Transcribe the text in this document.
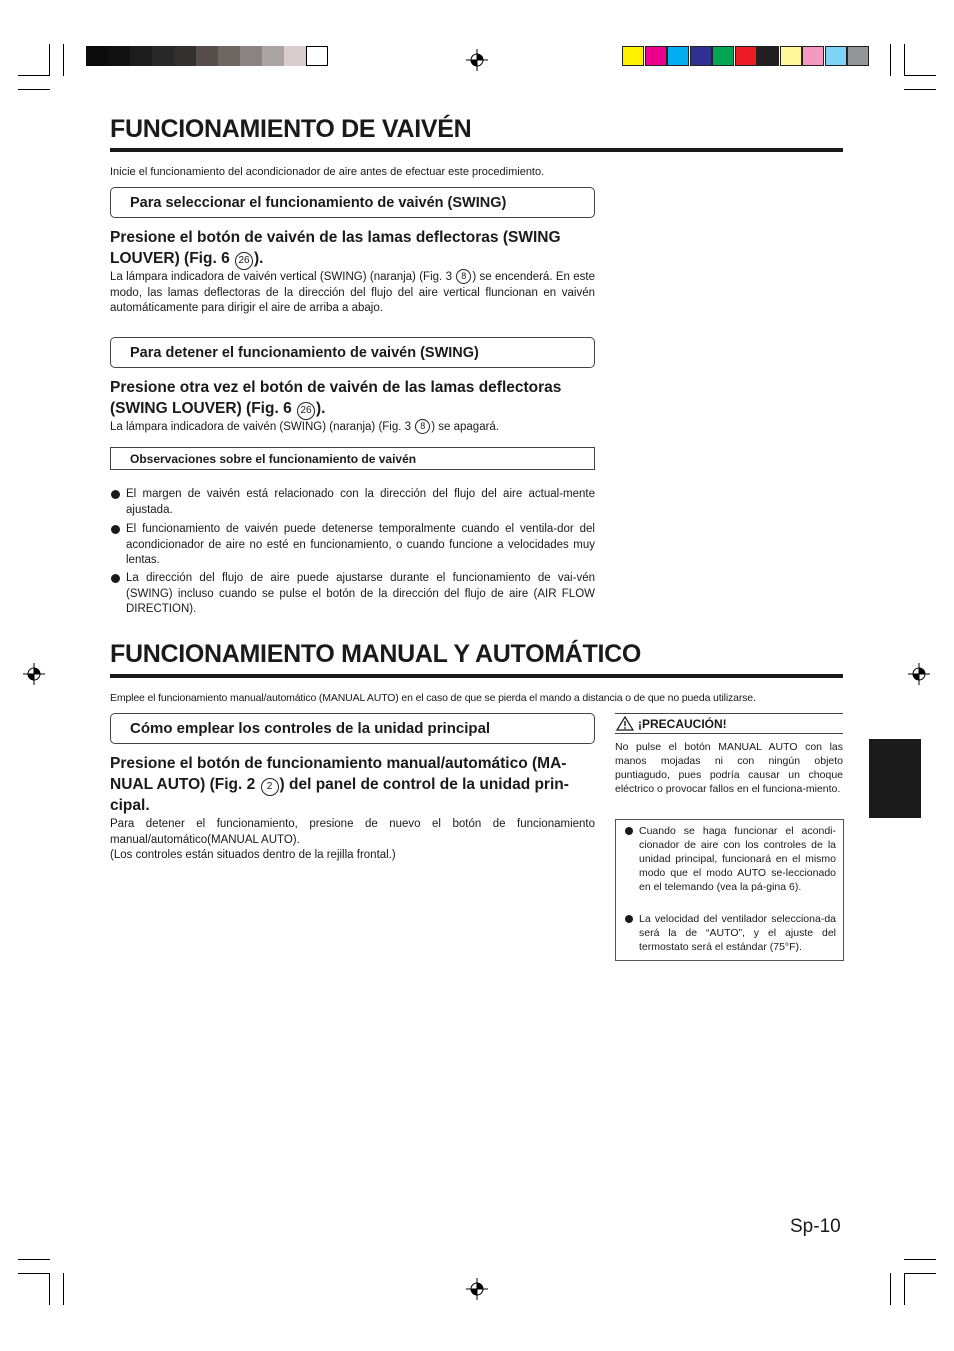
FUNCIONAMIENTO DE VAIVÉN
Inicie el funcionamiento del acondicionador de aire antes de efectuar este procedimiento.
Para seleccionar el funcionamiento de vaivén (SWING)
Presione el botón de vaivén de las lamas deflectoras (SWING
LOUVER) (Fig. 6 26 ).
La lámpara indicadora de vaivén vertical (SWING) (naranja) (Fig. 3 8 ) se encenderá. En este modo, las lamas deflectoras de la dirección del flujo del aire vertical fluncionan en vaivén automáticamente para dirigir el aire de arriba a abajo.
Para detener el funcionamiento de vaivén (SWING)
Presione otra vez el botón de vaivén de las lamas deflectoras
(SWING LOUVER) (Fig. 6 26 ).
La lámpara indicadora de vaivén (SWING) (naranja) (Fig. 3 8 ) se apagará.
Observaciones sobre el funcionamiento de vaivén
El margen de vaivén está relacionado con la dirección del flujo del aire actual-mente ajustada.
El funcionamiento de vaivén puede detenerse temporalmente cuando el ventila-dor del acondicionador de aire no esté en funcionamiento, o cuando funcione a velocidades muy lentas.
La dirección del flujo de aire puede ajustarse durante el funcionamiento de vai-vén (SWING) incluso cuando se pulse el botón de la dirección del flujo de aire (AIR FLOW DIRECTION).
FUNCIONAMIENTO MANUAL Y AUTOMÁTICO
Emplee el funcionamiento manual/automático (MANUAL AUTO) en el caso de que se pierda el mando a distancia o de que no pueda utilizarse.
Cómo emplear los controles de la unidad principal
Presione el botón de funcionamiento manual/automático (MA-
NUAL AUTO) (Fig. 2 2 ) del panel de control de la unidad prin-
cipal.
Para detener el funcionamiento, presione de nuevo el botón de funcionamiento manual/automático(MANUAL AUTO).
(Los controles están situados dentro de la rejilla frontal.)
¡PRECAUCIÓN!
No pulse el botón MANUAL AUTO con las manos mojadas ni con ningún objeto puntiagudo, pues podría causar un choque eléctrico o provocar fallos en el funciona-miento.
Cuando se haga funcionar el acondi-cionador de aire con los controles de la unidad principal, funcionará en el mismo modo que el modo AUTO se-leccionado en el telemando (vea la pá-gina 6).
La velocidad del ventilador selecciona-da será la de “AUTO”, y el ajuste del termostato será el estándar (75°F).
Sp-10
